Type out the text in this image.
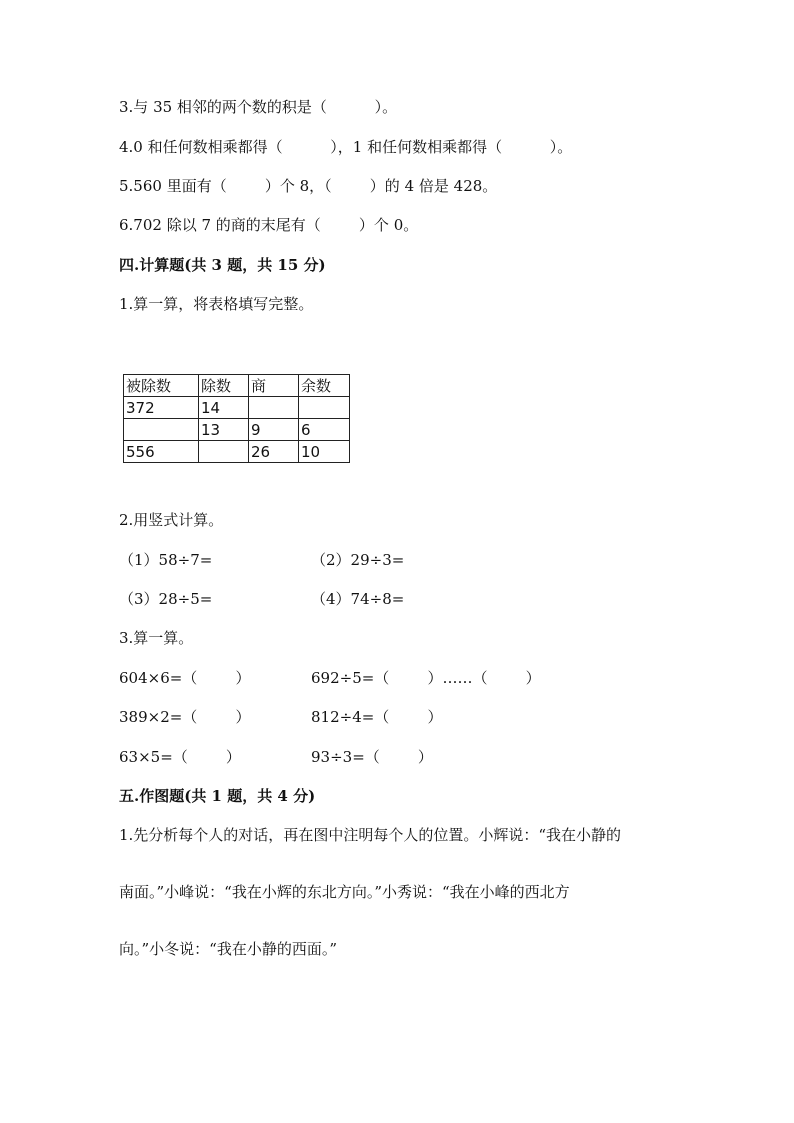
3.与 35 相邻的两个数的积是（          ）。
4.0 和任何数相乘都得（          ），1 和任何数相乘都得（          ）。
5.560 里面有（        ）个 8，（        ）的 4 倍是 428。
6.702 除以 7 的商的末尾有（        ）个 0。
四.计算题(共 3 题，共 15 分)
1.算一算，将表格填写完整。
被除数	除数	商	余数
372	14		
	13	9	6
556		26	10
2.用竖式计算。
（1）58÷7=	（2）29÷3=
（3）28÷5=	（4）74÷8=
3.算一算。
604×6=（        ）	692÷5=（        ）……（        ）
389×2=（        ）	812÷4=（        ）
63×5=（        ）	93÷3=（        ）
五.作图题(共 1 题，共 4 分)
1.先分析每个人的对话，再在图中注明每个人的位置。小辉说：“我在小静的
南面。”小峰说：“我在小辉的东北方向。”小秀说：“我在小峰的西北方
向。”小冬说：“我在小静的西面。”
